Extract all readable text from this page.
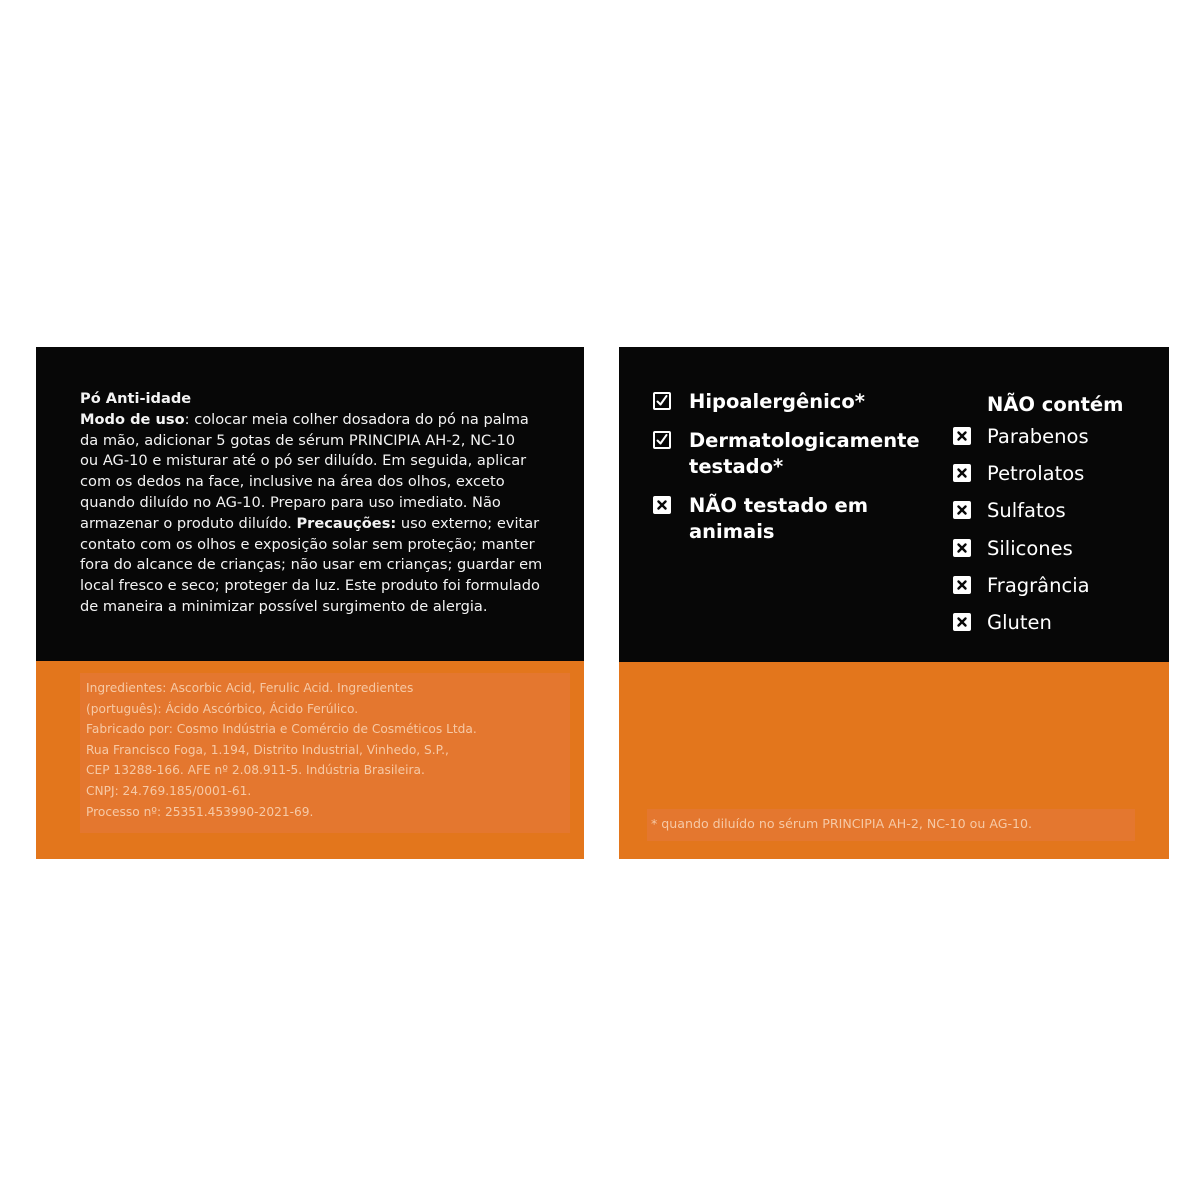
Pó Anti-idade
Modo de uso: colocar meia colher dosadora do pó na palma
da mão, adicionar 5 gotas de sérum PRINCIPIA AH-2, NC-10
ou AG-10 e misturar até o pó ser diluído. Em seguida, aplicar
com os dedos na face, inclusive na área dos olhos, exceto
quando diluído no AG-10. Preparo para uso imediato. Não
armazenar o produto diluído. Precauções: uso externo; evitar
contato com os olhos e exposição solar sem proteção; manter
fora do alcance de crianças; não usar em crianças; guardar em
local fresco e seco; proteger da luz. Este produto foi formulado
de maneira a minimizar possível surgimento de alergia.
Ingredientes: Ascorbic Acid, Ferulic Acid. Ingredientes
(português): Ácido Ascórbico, Ácido Ferúlico.
Fabricado por: Cosmo Indústria e Comércio de Cosméticos Ltda.
Rua Francisco Foga, 1.194, Distrito Industrial, Vinhedo, S.P.,
CEP 13288-166. AFE nº 2.08.911-5. Indústria Brasileira.
CNPJ: 24.769.185/0001-61.
Processo nº: 25351.453990-2021-69.
Hipoalergênico*
Dermatologicamente
testado*
NÃO testado em
animais
NÃO contém
Parabenos
Petrolatos
Sulfatos
Silicones
Fragrância
Gluten
* quando diluído no sérum PRINCIPIA AH-2, NC-10 ou AG-10.
